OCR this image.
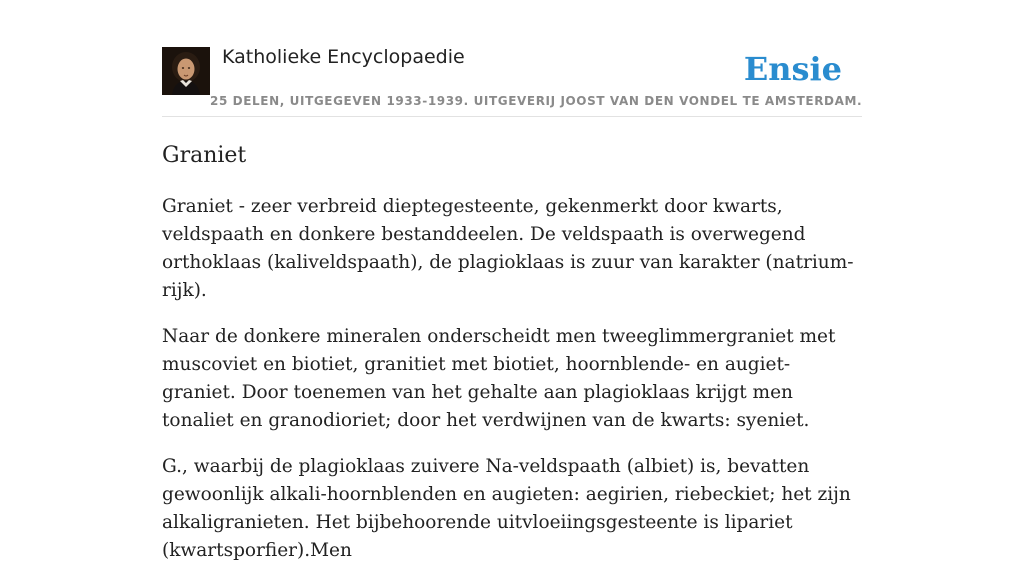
Katholieke Encyclopaedie
25 DELEN, UITGEGEVEN 1933-1939. UITGEVERIJ JOOST VAN DEN VONDEL TE AMSTERDAM.
Ensie
Graniet

Graniet - zeer verbreid dieptegesteente, gekenmerkt door kwarts, veldspaath en donkere bestanddeelen. De veldspaath is overwegend orthoklaas (kaliveldspaath), de plagioklaas is zuur van karakter (natrium-rijk).

Naar de donkere mineralen onderscheidt men tweeglimmergraniet met muscoviet en biotiet, granitiet met biotiet, hoornblende- en augiet-graniet. Door toenemen van het gehalte aan plagioklaas krijgt men tonaliet en granodioriet; door het verdwijnen van de kwarts: syeniet.

G., waarbij de plagioklaas zuivere Na-veldspaath (albiet) is, bevatten gewoonlijk alkali-hoornblenden en augieten: aegirien, riebeckiet; het zijn alkaligranieten. Het bijbehoorende uitvloeiingsgesteente is lipariet (kwartsporfier).Men
